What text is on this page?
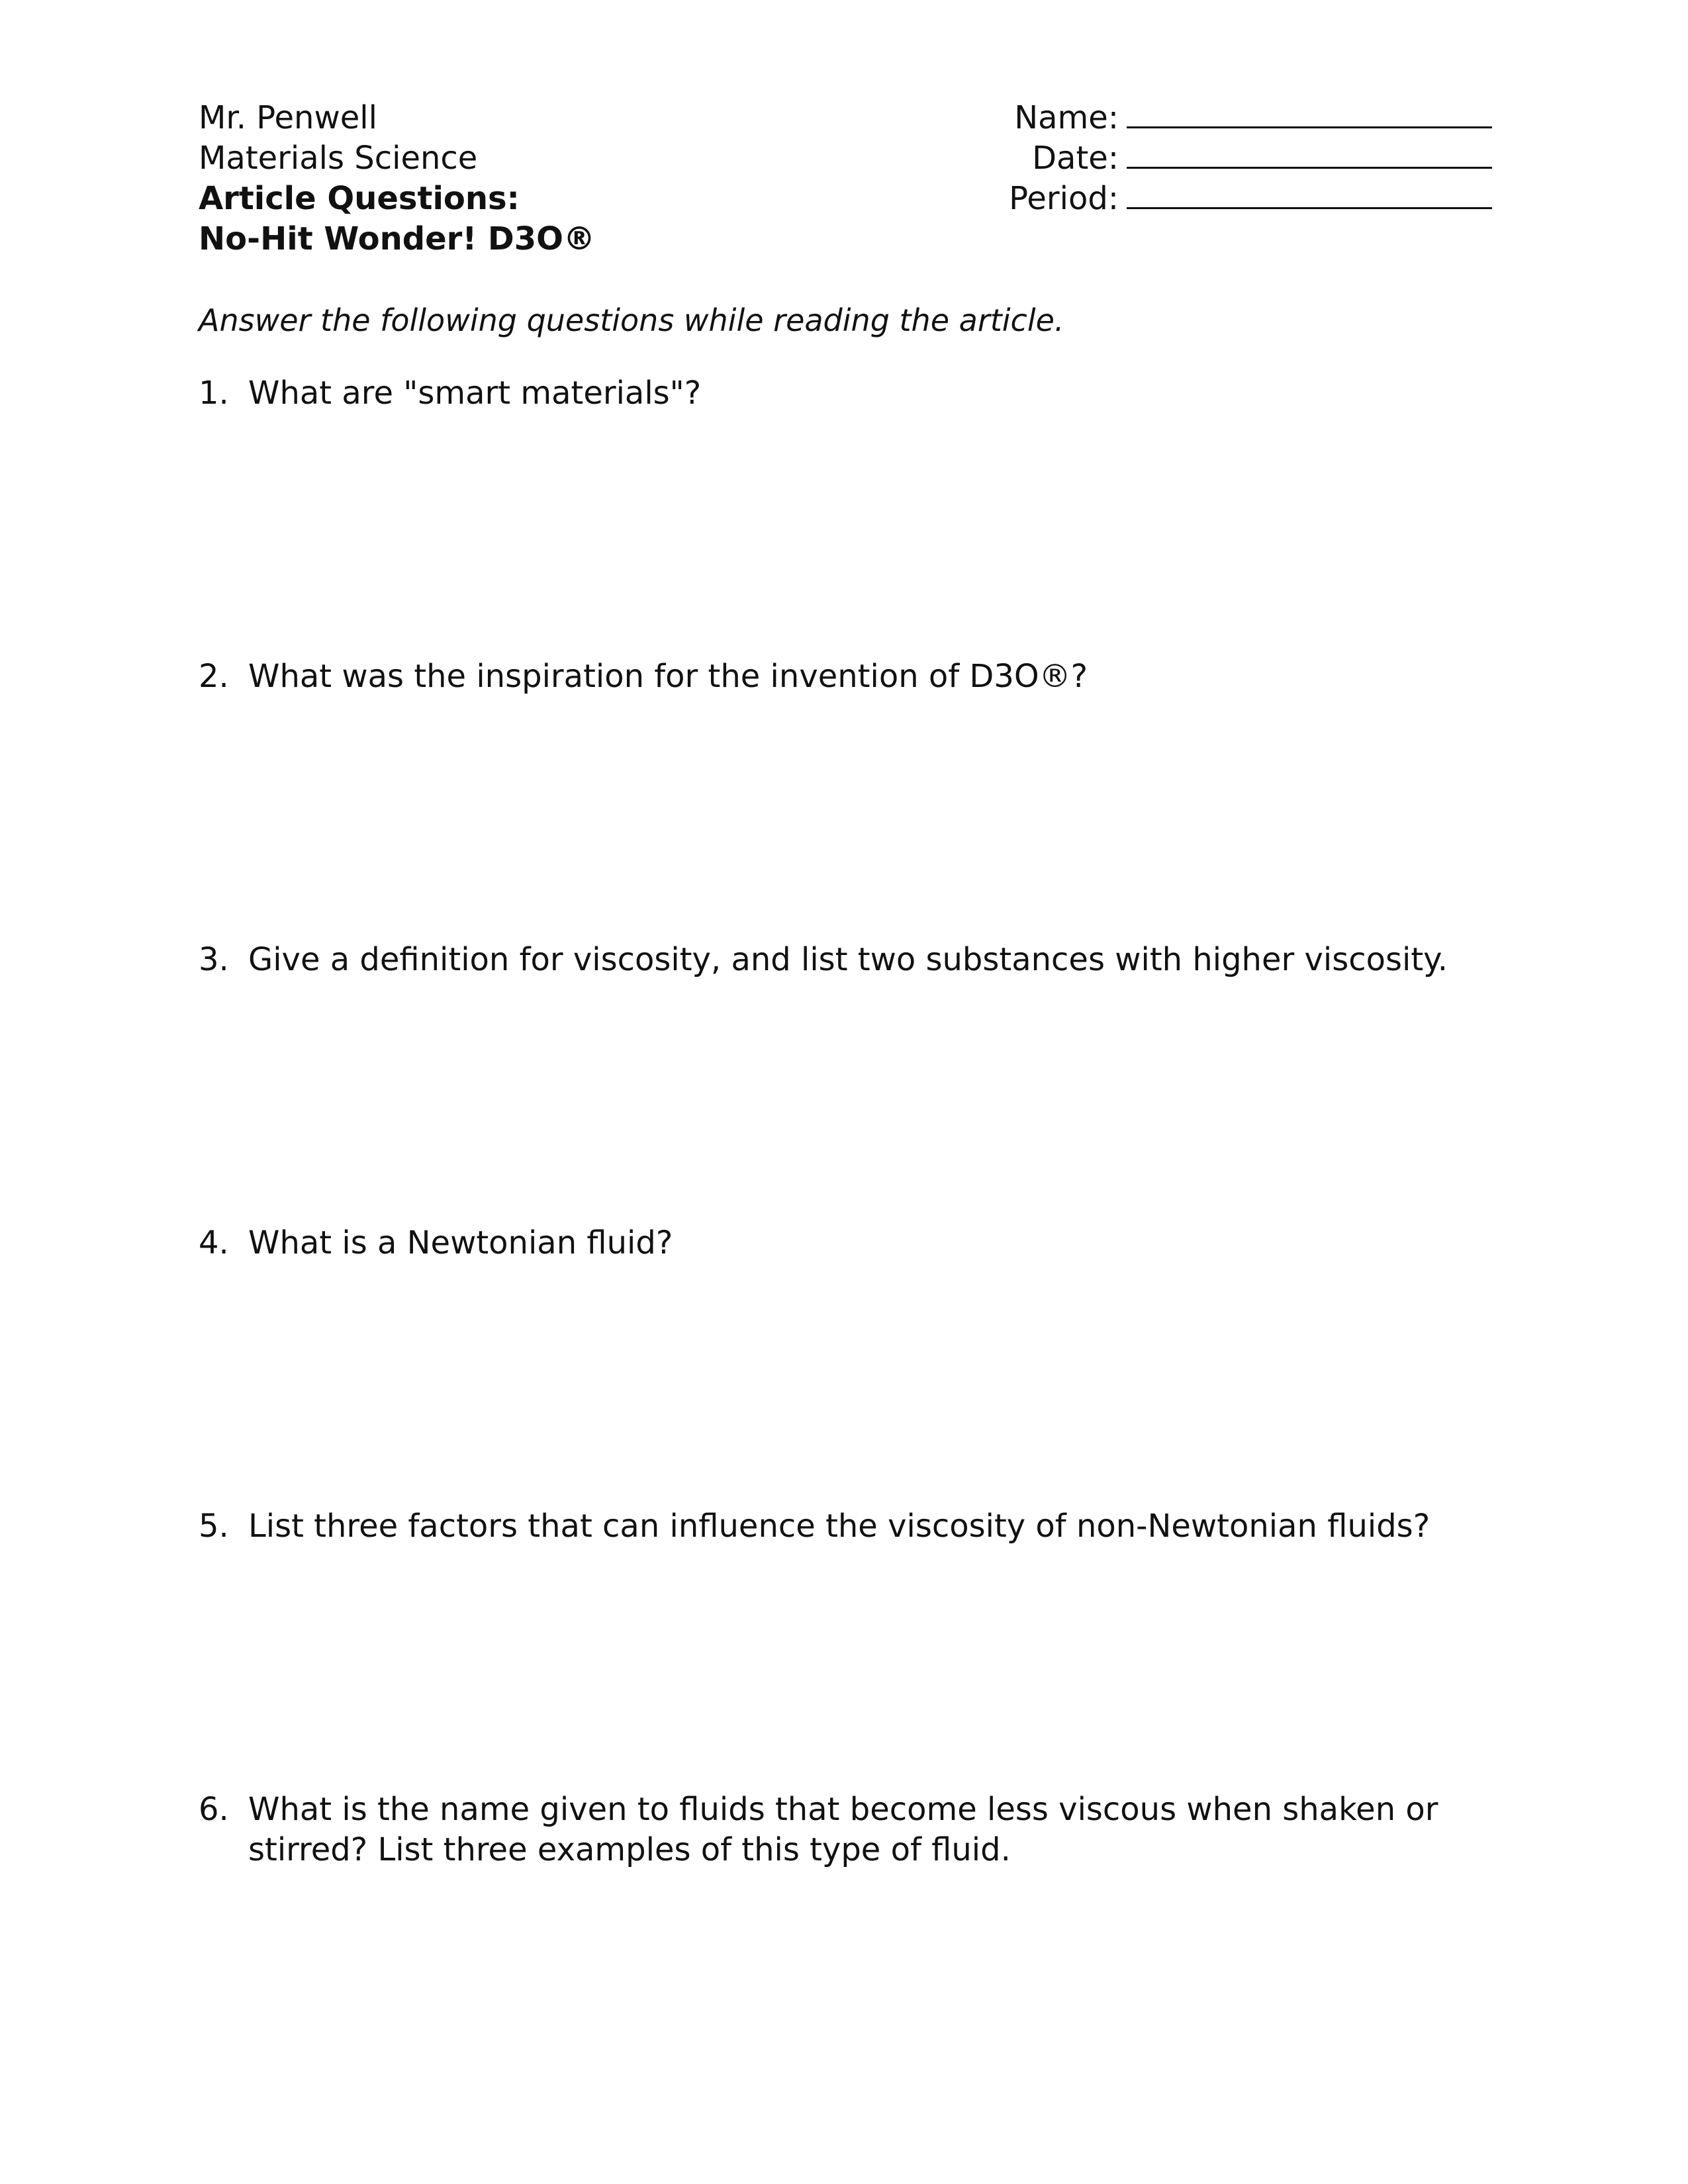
Mr. Penwell
Materials Science
Article Questions:
No-Hit Wonder! D3O®
Name:
Date:
Period:
Answer the following questions while reading the article.
1. What are "smart materials"?
2. What was the inspiration for the invention of D3O®?
3. Give a definition for viscosity, and list two substances with higher viscosity.
4. What is a Newtonian fluid?
5. List three factors that can influence the viscosity of non-Newtonian fluids?
6. What is the name given to fluids that become less viscous when shaken or stirred? List three examples of this type of fluid.
